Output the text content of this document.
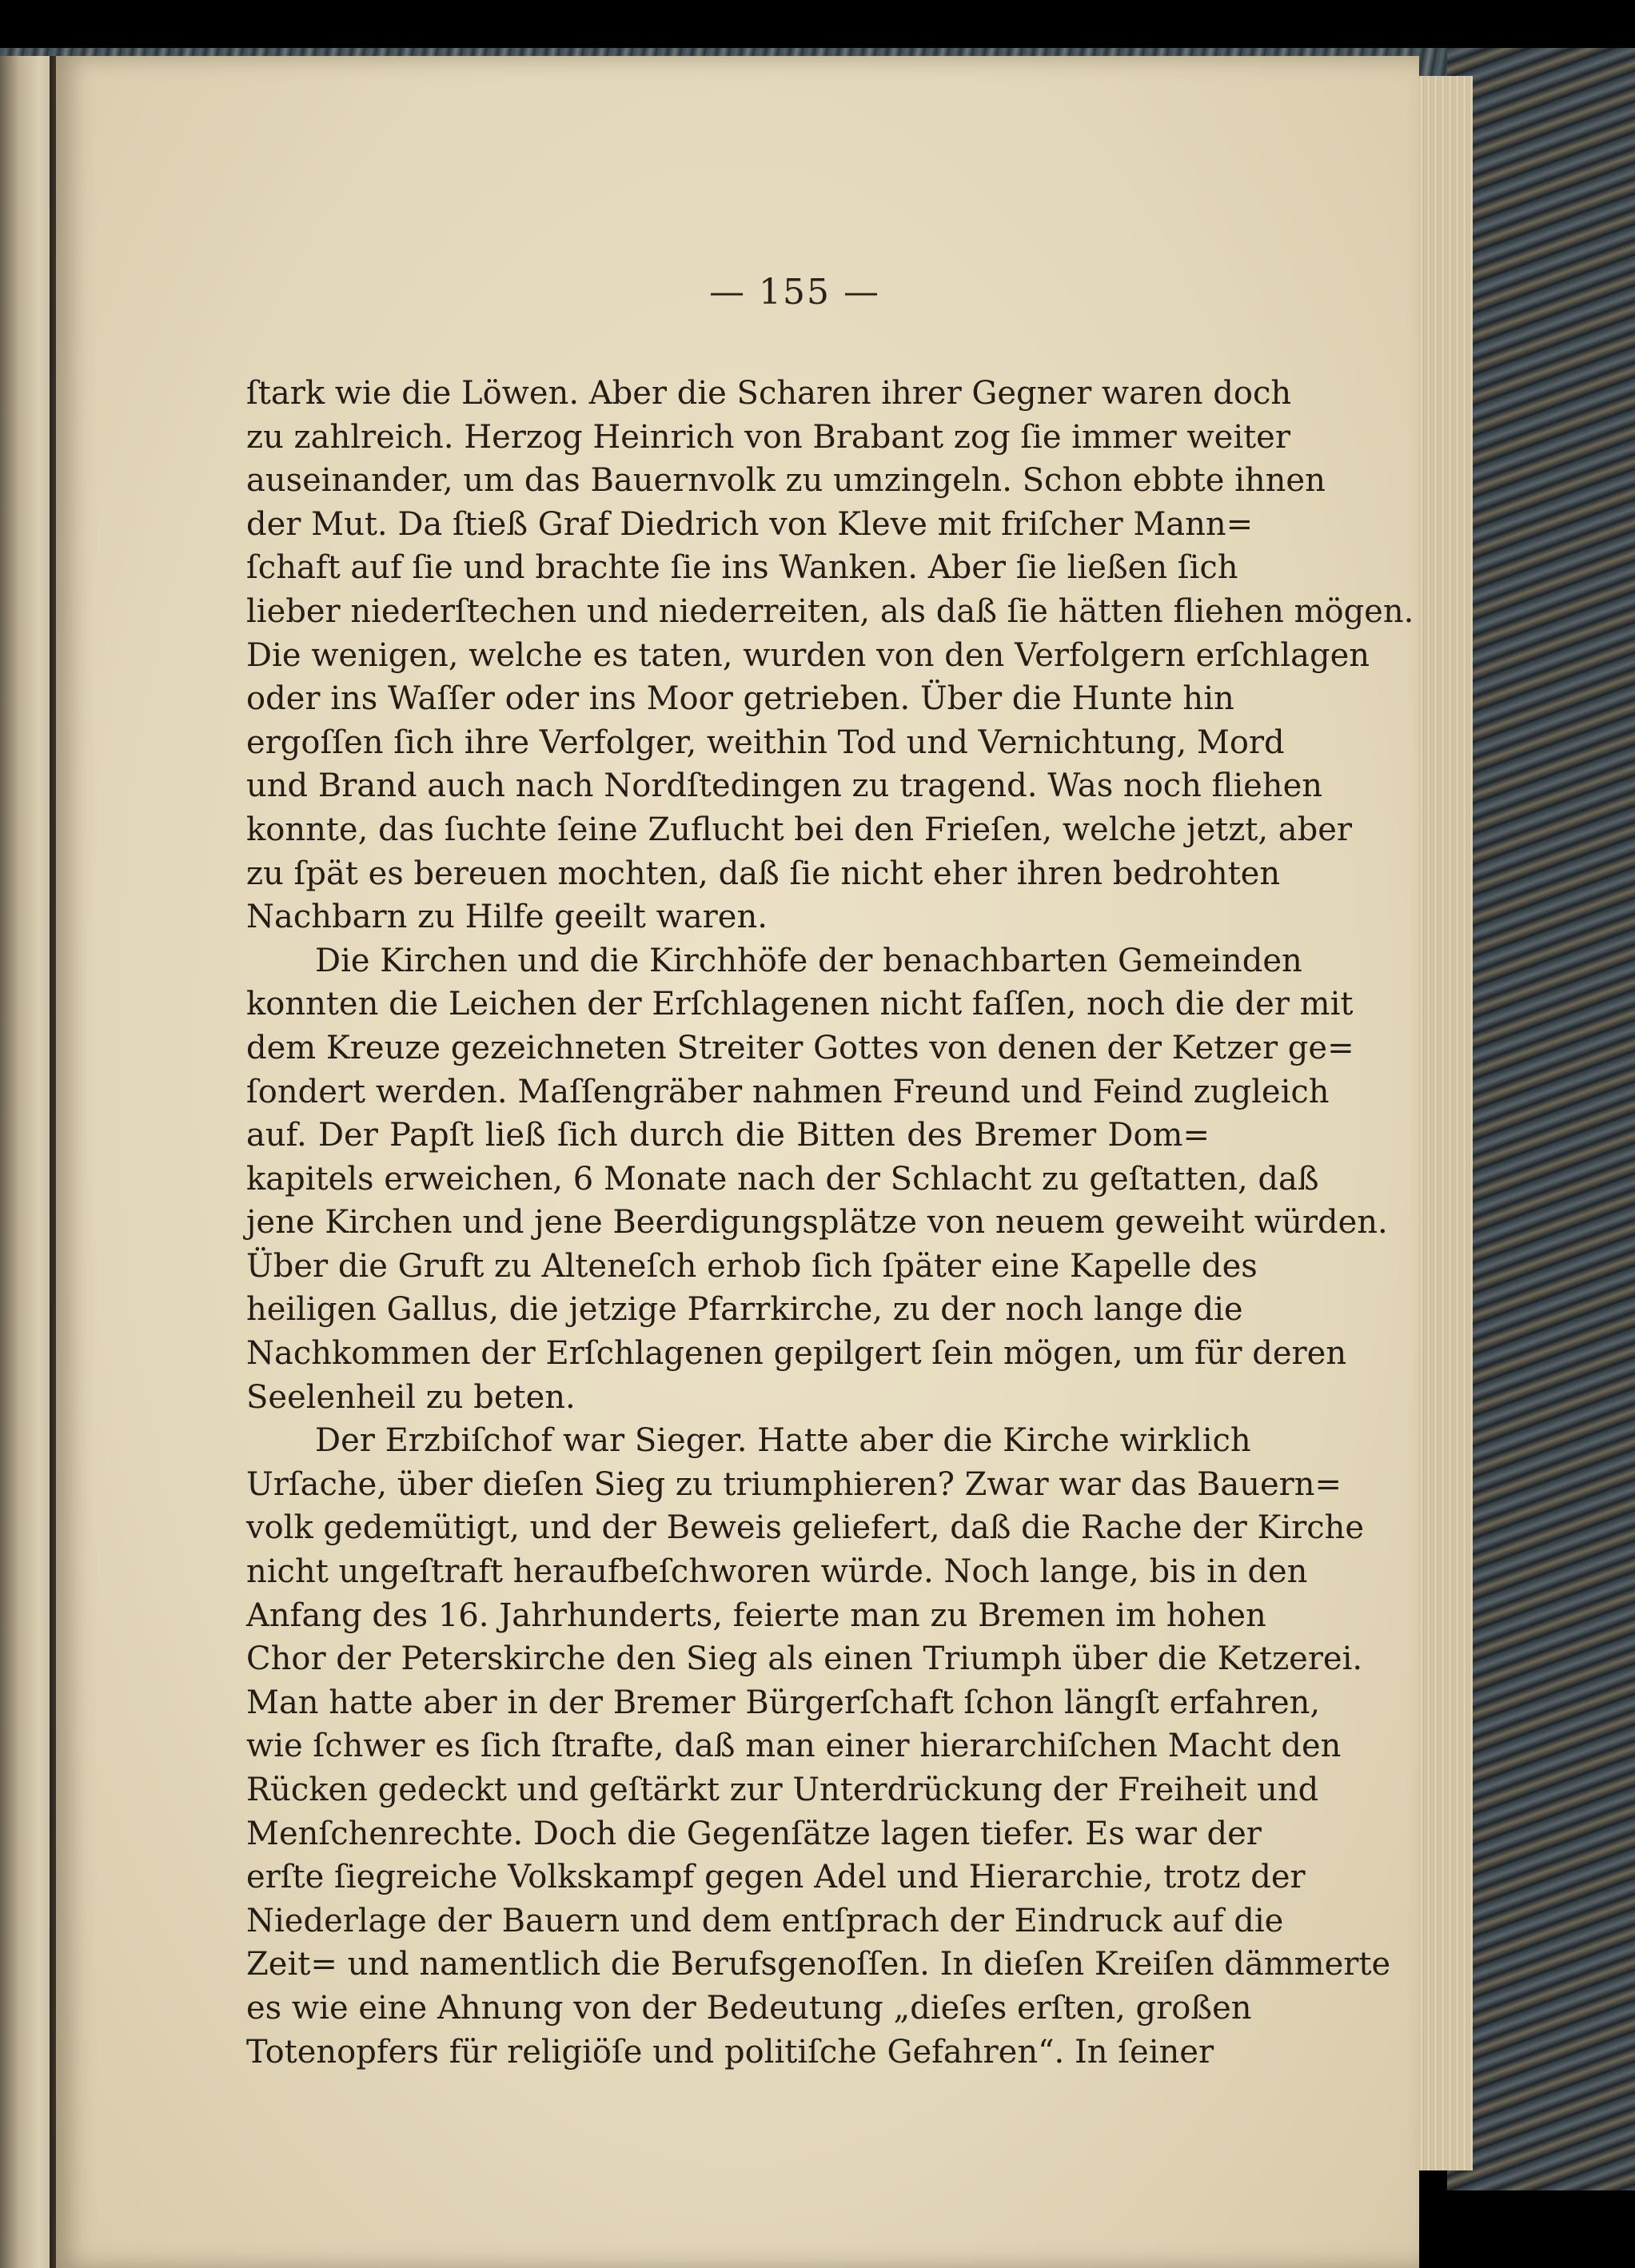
— 155 —
ſtark wie die Löwen. Aber die Scharen ihrer Gegner waren doch
zu zahlreich. Herzog Heinrich von Brabant zog ſie immer weiter
auseinander, um das Bauernvolk zu umzingeln. Schon ebbte ihnen
der Mut. Da ſtieß Graf Diedrich von Kleve mit friſcher Mann=
ſchaft auf ſie und brachte ſie ins Wanken. Aber ſie ließen ſich
lieber niederſtechen und niederreiten, als daß ſie hätten fliehen mögen.
Die wenigen, welche es taten, wurden von den Verfolgern erſchlagen
oder ins Waſſer oder ins Moor getrieben. Über die Hunte hin
ergoſſen ſich ihre Verfolger, weithin Tod und Vernichtung, Mord
und Brand auch nach Nordſtedingen zu tragend. Was noch fliehen
konnte, das ſuchte ſeine Zuflucht bei den Frieſen, welche jetzt, aber
zu ſpät es bereuen mochten, daß ſie nicht eher ihren bedrohten
Nachbarn zu Hilfe geeilt waren.
Die Kirchen und die Kirchhöfe der benachbarten Gemeinden
konnten die Leichen der Erſchlagenen nicht faſſen, noch die der mit
dem Kreuze gezeichneten Streiter Gottes von denen der Ketzer ge=
ſondert werden. Maſſengräber nahmen Freund und Feind zugleich
auf. Der Papſt ließ ſich durch die Bitten des Bremer Dom=
kapitels erweichen, 6 Monate nach der Schlacht zu geſtatten, daß
jene Kirchen und jene Beerdigungsplätze von neuem geweiht würden.
Über die Gruft zu Alteneſch erhob ſich ſpäter eine Kapelle des
heiligen Gallus, die jetzige Pfarrkirche, zu der noch lange die
Nachkommen der Erſchlagenen gepilgert ſein mögen, um für deren
Seelenheil zu beten.
Der Erzbiſchof war Sieger. Hatte aber die Kirche wirklich
Urſache, über dieſen Sieg zu triumphieren? Zwar war das Bauern=
volk gedemütigt, und der Beweis geliefert, daß die Rache der Kirche
nicht ungeſtraft heraufbeſchworen würde. Noch lange, bis in den
Anfang des 16. Jahrhunderts, feierte man zu Bremen im hohen
Chor der Peterskirche den Sieg als einen Triumph über die Ketzerei.
Man hatte aber in der Bremer Bürgerſchaft ſchon längſt erfahren,
wie ſchwer es ſich ſtrafte, daß man einer hierarchiſchen Macht den
Rücken gedeckt und geſtärkt zur Unterdrückung der Freiheit und
Menſchenrechte. Doch die Gegenſätze lagen tiefer. Es war der
erſte ſiegreiche Volkskampf gegen Adel und Hierarchie, trotz der
Niederlage der Bauern und dem entſprach der Eindruck auf die
Zeit= und namentlich die Berufsgenoſſen. In dieſen Kreiſen dämmerte
es wie eine Ahnung von der Bedeutung „dieſes erſten, großen
Totenopfers für religiöſe und politiſche Gefahren“. In ſeiner
